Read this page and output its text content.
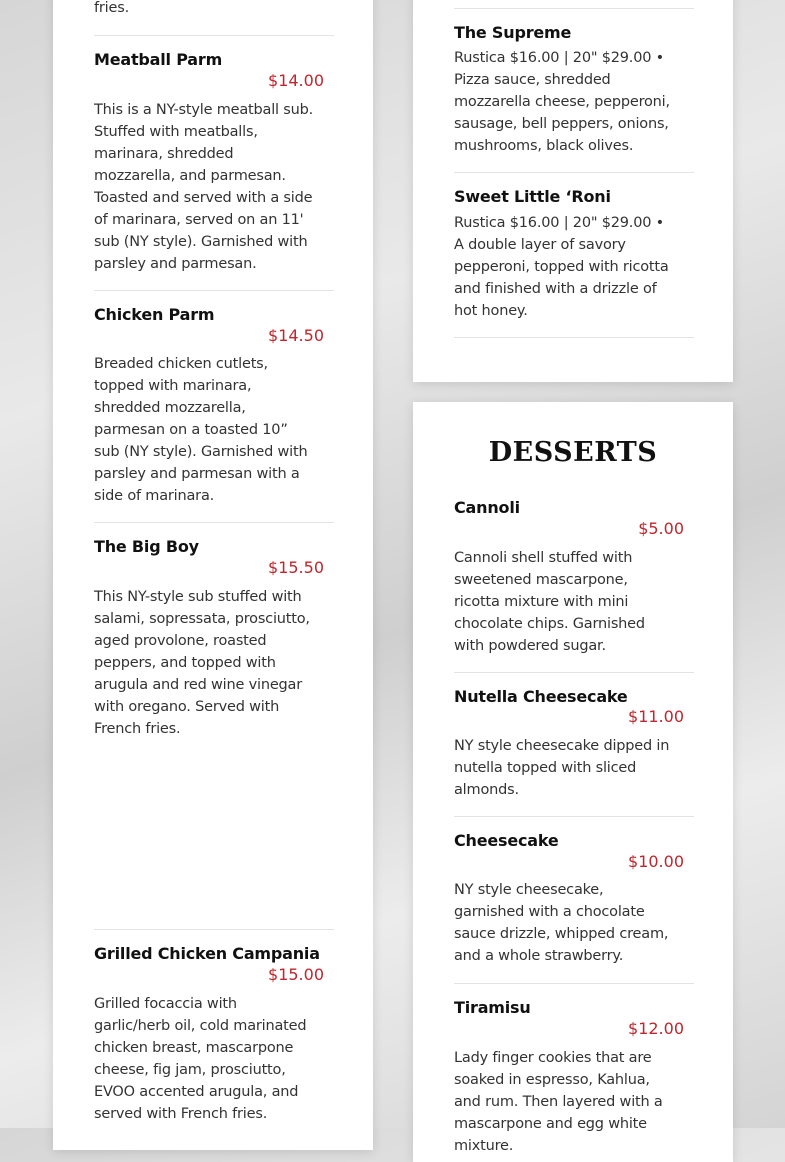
fries.
Meatball Parm
$14.00
This is a NY-style meatball sub. Stuffed with meatballs, marinara, shredded mozzarella, and parmesan. Toasted and served with a side of marinara, served on an 11' sub (NY style). Garnished with parsley and parmesan.
Chicken Parm
$14.50
Breaded chicken cutlets, topped with marinara, shredded mozzarella, parmesan on a toasted 10” sub (NY style). Garnished with parsley and parmesan with a side of marinara.
The Big Boy
$15.50
This NY-style sub stuffed with salami, sopressata, prosciutto, aged provolone, roasted peppers, and topped with arugula and red wine vinegar with oregano. Served with French fries.
Grilled Chicken Campania
$15.00
Grilled focaccia with garlic/herb oil, cold marinated chicken breast, mascarpone cheese, fig jam, prosciutto, EVOO accented arugula, and served with French fries.
The Supreme
Rustica $16.00 | 20" $29.00 • Pizza sauce, shredded mozzarella cheese, pepperoni, sausage, bell peppers, onions, mushrooms, black olives.
Sweet Little ‘Roni
Rustica $16.00 | 20" $29.00 • A double layer of savory pepperoni, topped with ricotta and finished with a drizzle of hot honey.
DESSERTS
Cannoli
$5.00
Cannoli shell stuffed with sweetened mascarpone, ricotta mixture with mini chocolate chips. Garnished with powdered sugar.
Nutella Cheesecake
$11.00
NY style cheesecake dipped in nutella topped with sliced almonds.
Cheesecake
$10.00
NY style cheesecake, garnished with a chocolate sauce drizzle, whipped cream, and a whole strawberry.
Tiramisu
$12.00
Lady finger cookies that are soaked in espresso, Kahlua, and rum. Then layered with a mascarpone and egg white mixture.
